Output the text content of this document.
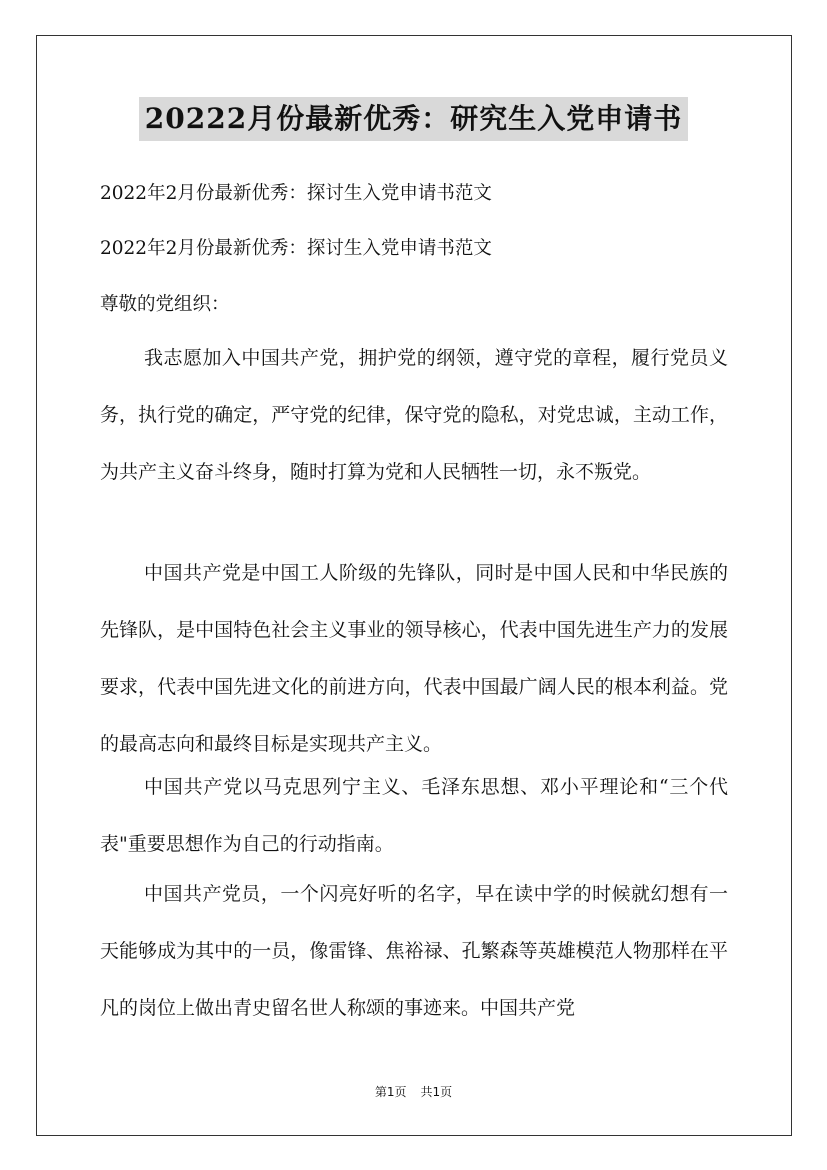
20222月份最新优秀：研究生入党申请书
2022年2月份最新优秀：探讨生入党申请书范文
2022年2月份最新优秀：探讨生入党申请书范文
尊敬的党组织：
我志愿加入中国共产党，拥护党的纲领，遵守党的章程，履行党员义务，执行党的确定，严守党的纪律，保守党的隐私，对党忠诚，主动工作，为共产主义奋斗终身，随时打算为党和人民牺牲一切，永不叛党。
中国共产党是中国工人阶级的先锋队，同时是中国人民和中华民族的先锋队，是中国特色社会主义事业的领导核心，代表中国先进生产力的发展要求，代表中国先进文化的前进方向，代表中国最广阔人民的根本利益。党的最高志向和最终目标是实现共产主义。
中国共产党以马克思列宁主义、毛泽东思想、邓小平理论和“三个代表"重要思想作为自己的行动指南。
中国共产党员，一个闪亮好听的名字，早在读中学的时候就幻想有一天能够成为其中的一员，像雷锋、焦裕禄、孔繁森等英雄模范人物那样在平凡的岗位上做出青史留名世人称颂的事迹来。中国共产党
第1页 共1页
